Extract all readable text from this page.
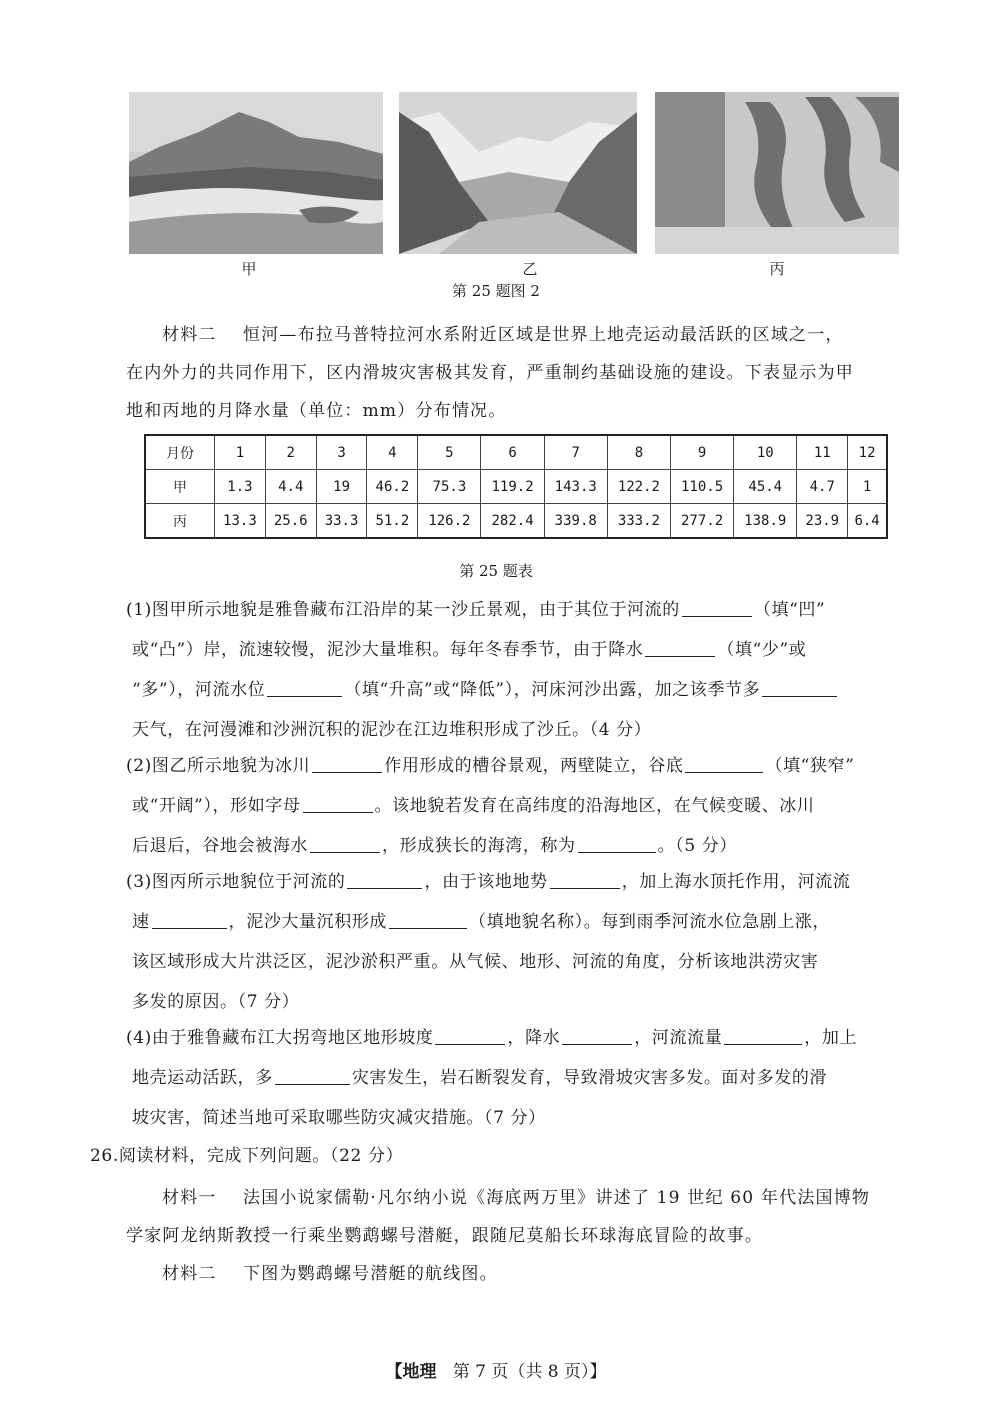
甲	乙	丙
第 25 题图 2
材料二 恒河—布拉马普特拉河水系附近区域是世界上地壳运动最活跃的区域之一，
在内外力的共同作用下，区内滑坡灾害极其发育，严重制约基础设施的建设。下表显示为甲
地和丙地的月降水量（单位：mm）分布情况。
月份	1	2	3	4	5	6	7	8	9	10	11	12
甲	1.3	4.4	19	46.2	75.3	119.2	143.3	122.2	110.5	45.4	4.7	1
丙	13.3	25.6	33.3	51.2	126.2	282.4	339.8	333.2	277.2	138.9	23.9	6.4
第 25 题表
(1)图甲所示地貌是雅鲁藏布江沿岸的某一沙丘景观，由于其位于河流的	（填“凹”
或“凸”）岸，流速较慢，泥沙大量堆积。每年冬春季节，由于降水	（填“少”或
“多”），河流水位	（填“升高”或“降低”），河床河沙出露，加之该季节多
天气，在河漫滩和沙洲沉积的泥沙在江边堆积形成了沙丘。（4 分）
(2)图乙所示地貌为冰川	作用形成的槽谷景观，两壁陡立，谷底	（填“狭窄”
或“开阔”），形如字母	。该地貌若发育在高纬度的沿海地区，在气候变暖、冰川
后退后，谷地会被海水	，形成狭长的海湾，称为	。（5 分）
(3)图丙所示地貌位于河流的	，由于该地地势	，加上海水顶托作用，河流流
速	，泥沙大量沉积形成	（填地貌名称）。每到雨季河流水位急剧上涨，
该区域形成大片洪泛区，泥沙淤积严重。从气候、地形、河流的角度，分析该地洪涝灾害
多发的原因。（7 分）
(4)由于雅鲁藏布江大拐弯地区地形坡度	，降水	，河流流量	，加上
地壳运动活跃，多	灾害发生，岩石断裂发育，导致滑坡灾害多发。面对多发的滑
坡灾害，简述当地可采取哪些防灾减灾措施。（7 分）
26.阅读材料，完成下列问题。（22 分）
材料一 法国小说家儒勒·凡尔纳小说《海底两万里》讲述了 19 世纪 60 年代法国博物
学家阿龙纳斯教授一行乘坐鹦鹉螺号潜艇，跟随尼莫船长环球海底冒险的故事。
材料二 下图为鹦鹉螺号潜艇的航线图。
【地理 第 7 页（共 8 页）】
